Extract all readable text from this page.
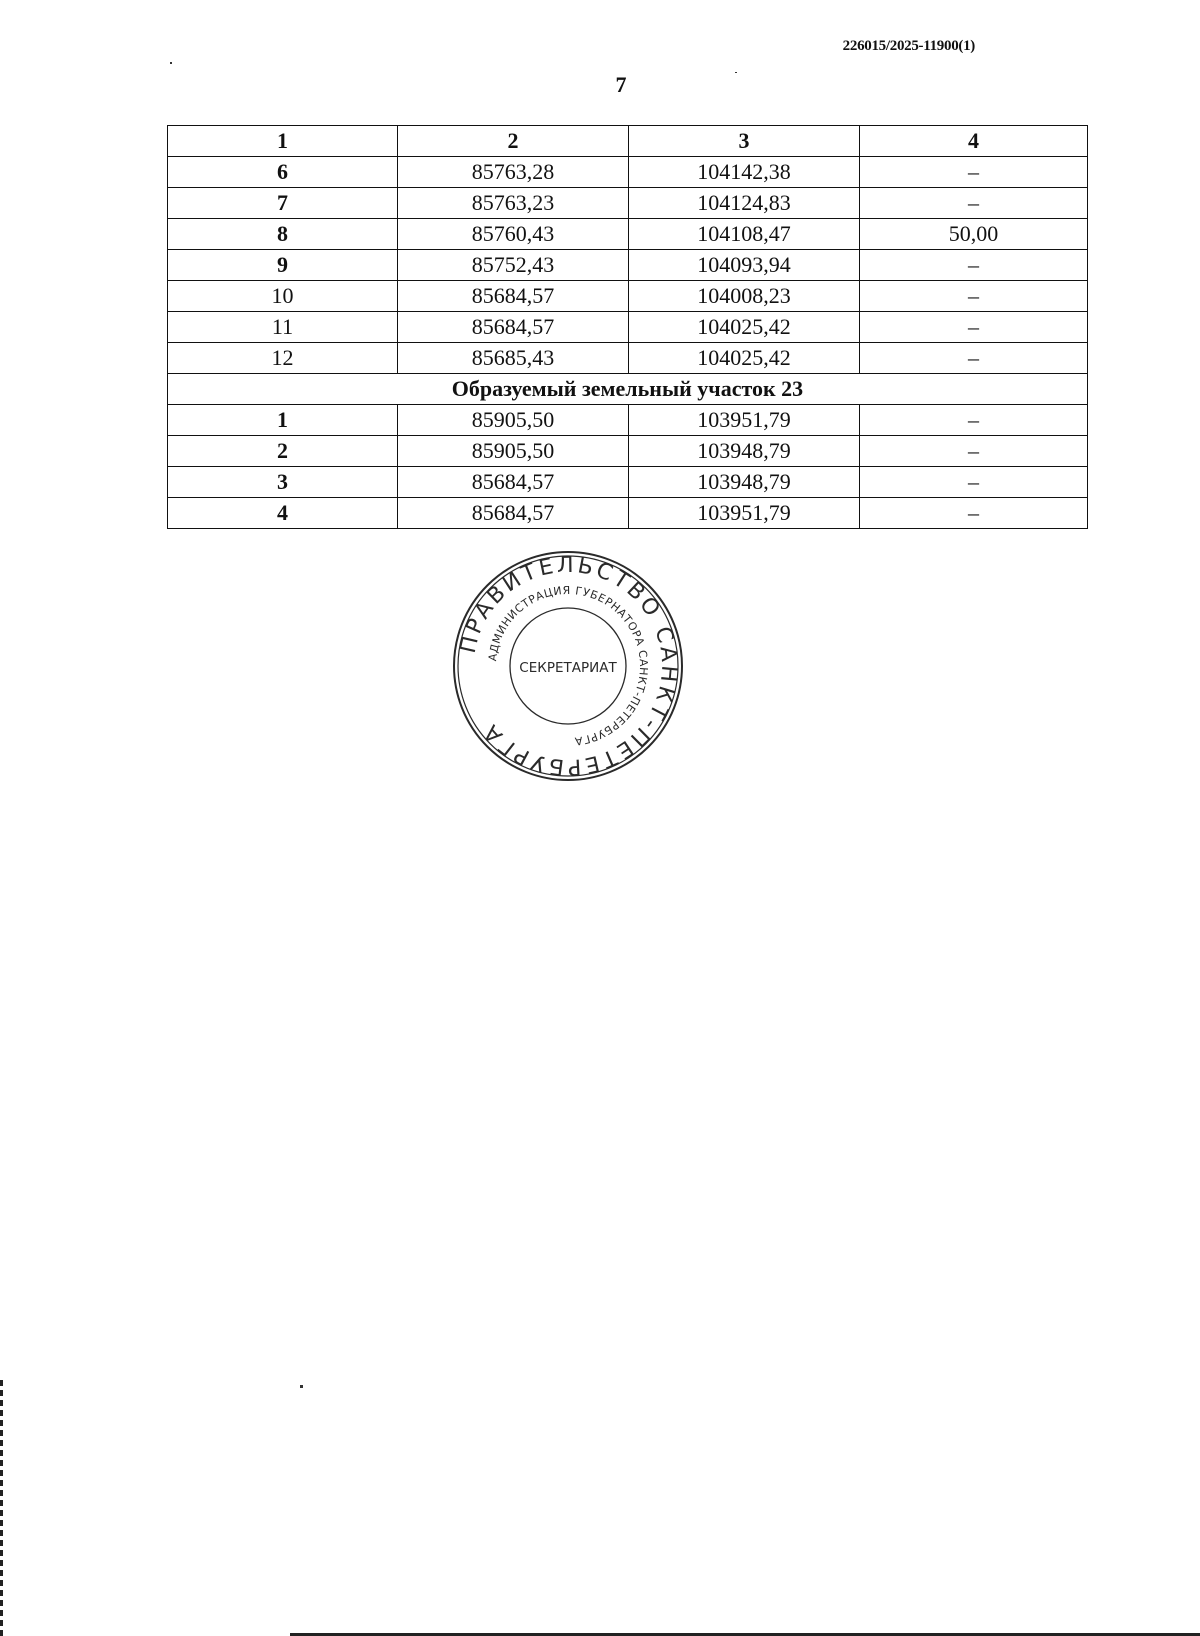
226015/2025-11900(1)
7
1	2	3	4
6	85763,28	104142,38	–
7	85763,23	104124,83	–
8	85760,43	104108,47	50,00
9	85752,43	104093,94	–
10	85684,57	104008,23	–
11	85684,57	104025,42	–
12	85685,43	104025,42	–
Образуемый земельный участок 23			
1	85905,50	103951,79	–
2	85905,50	103948,79	–
3	85684,57	103948,79	–
4	85684,57	103951,79	–
ПРАВИТЕЛЬСТВО САНКТ-ПЕТЕРБУРГА
АДМИНИСТРАЦИЯ ГУБЕРНАТОРА САНКТ-ПЕТЕРБУРГА
СЕКРЕТАРИАТ
